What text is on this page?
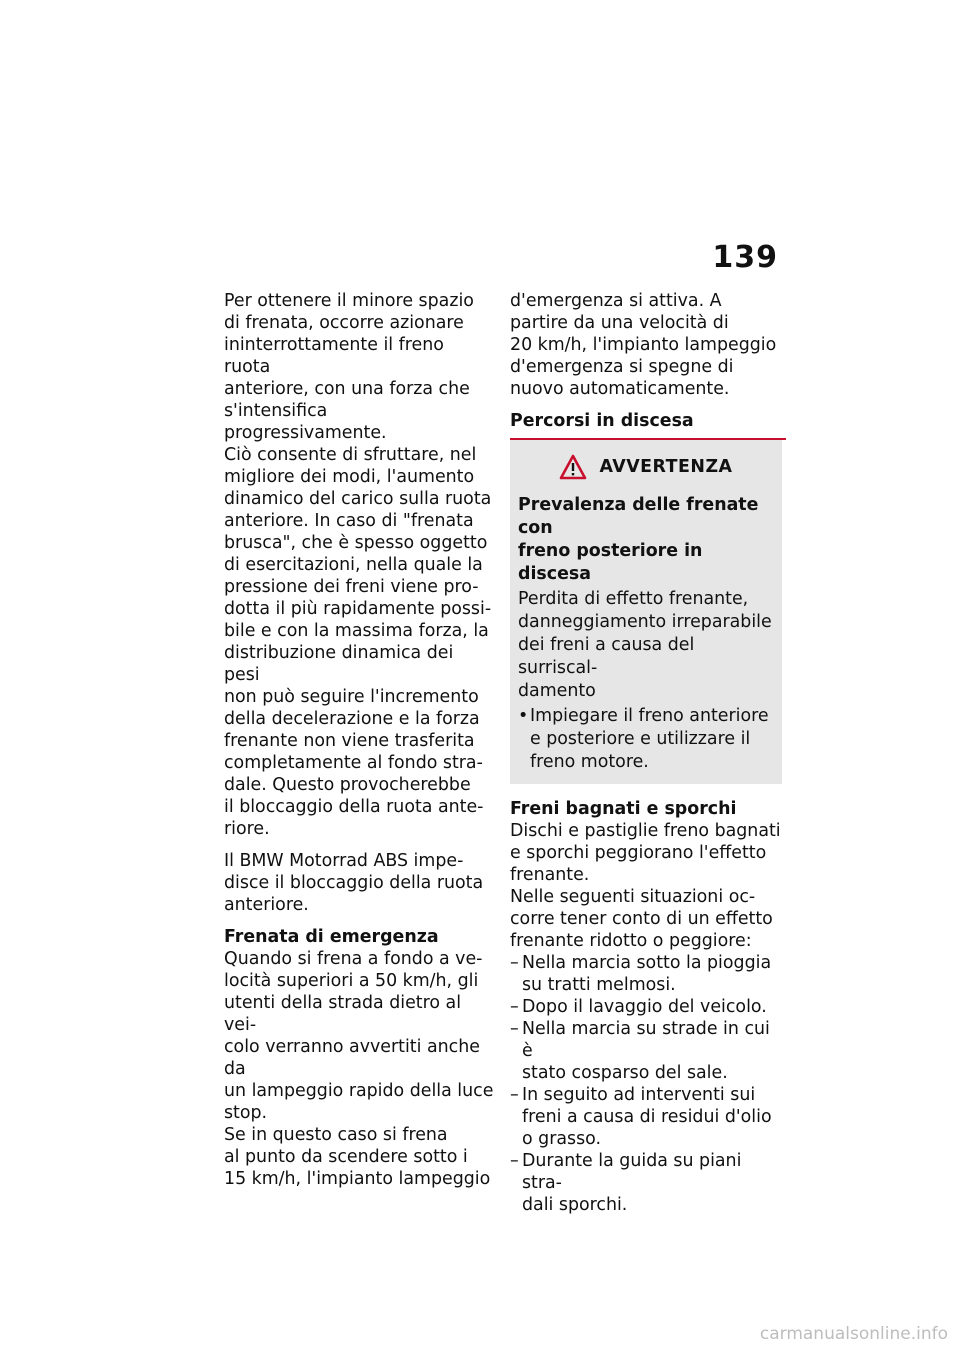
139

Per ottenere il minore spazio
di frenata, occorre azionare
ininterrottamente il freno ruota
anteriore, con una forza che
s'intensifica progressivamente.
Ciò consente di sfruttare, nel
migliore dei modi, l'aumento
dinamico del carico sulla ruota
anteriore. In caso di "frenata
brusca", che è spesso oggetto
di esercitazioni, nella quale la
pressione dei freni viene pro-
dotta il più rapidamente possi-
bile e con la massima forza, la
distribuzione dinamica dei pesi
non può seguire l'incremento
della decelerazione e la forza
frenante non viene trasferita
completamente al fondo stra-
dale. Questo provocherebbe
il bloccaggio della ruota ante-
riore.

Il BMW Motorrad ABS impe-
disce il bloccaggio della ruota
anteriore.

Frenata di emergenza

Quando si frena a fondo a ve-
locità superiori a 50 km/h, gli
utenti della strada dietro al vei-
colo verranno avvertiti anche da
un lampeggio rapido della luce
stop.
Se in questo caso si frena
al punto da scendere sotto i
15 km/h, l'impianto lampeggio

d'emergenza si attiva. A
partire da una velocità di
20 km/h, l'impianto lampeggio
d'emergenza si spegne di
nuovo automaticamente.

Percorsi in discesa
AVVERTENZA
Prevalenza delle frenate con
freno posteriore in discesa
Perdita di effetto frenante,
danneggiamento irreparabile
dei freni a causa del surriscal-
damento
• Impiegare il freno anteriore
e posteriore e utilizzare il
freno motore.
Freni bagnati e sporchi

Dischi e pastiglie freno bagnati
e sporchi peggiorano l'effetto
frenante.

Nelle seguenti situazioni oc-
corre tener conto di un effetto
frenante ridotto o peggiore:

– Nella marcia sotto la pioggia
su tratti melmosi.
– Dopo il lavaggio del veicolo.
– Nella marcia su strade in cui è
stato cosparso del sale.
– In seguito ad interventi sui
freni a causa di residui d'olio
o grasso.
– Durante la guida su piani stra-
dali sporchi.
carmanualsonline.info
